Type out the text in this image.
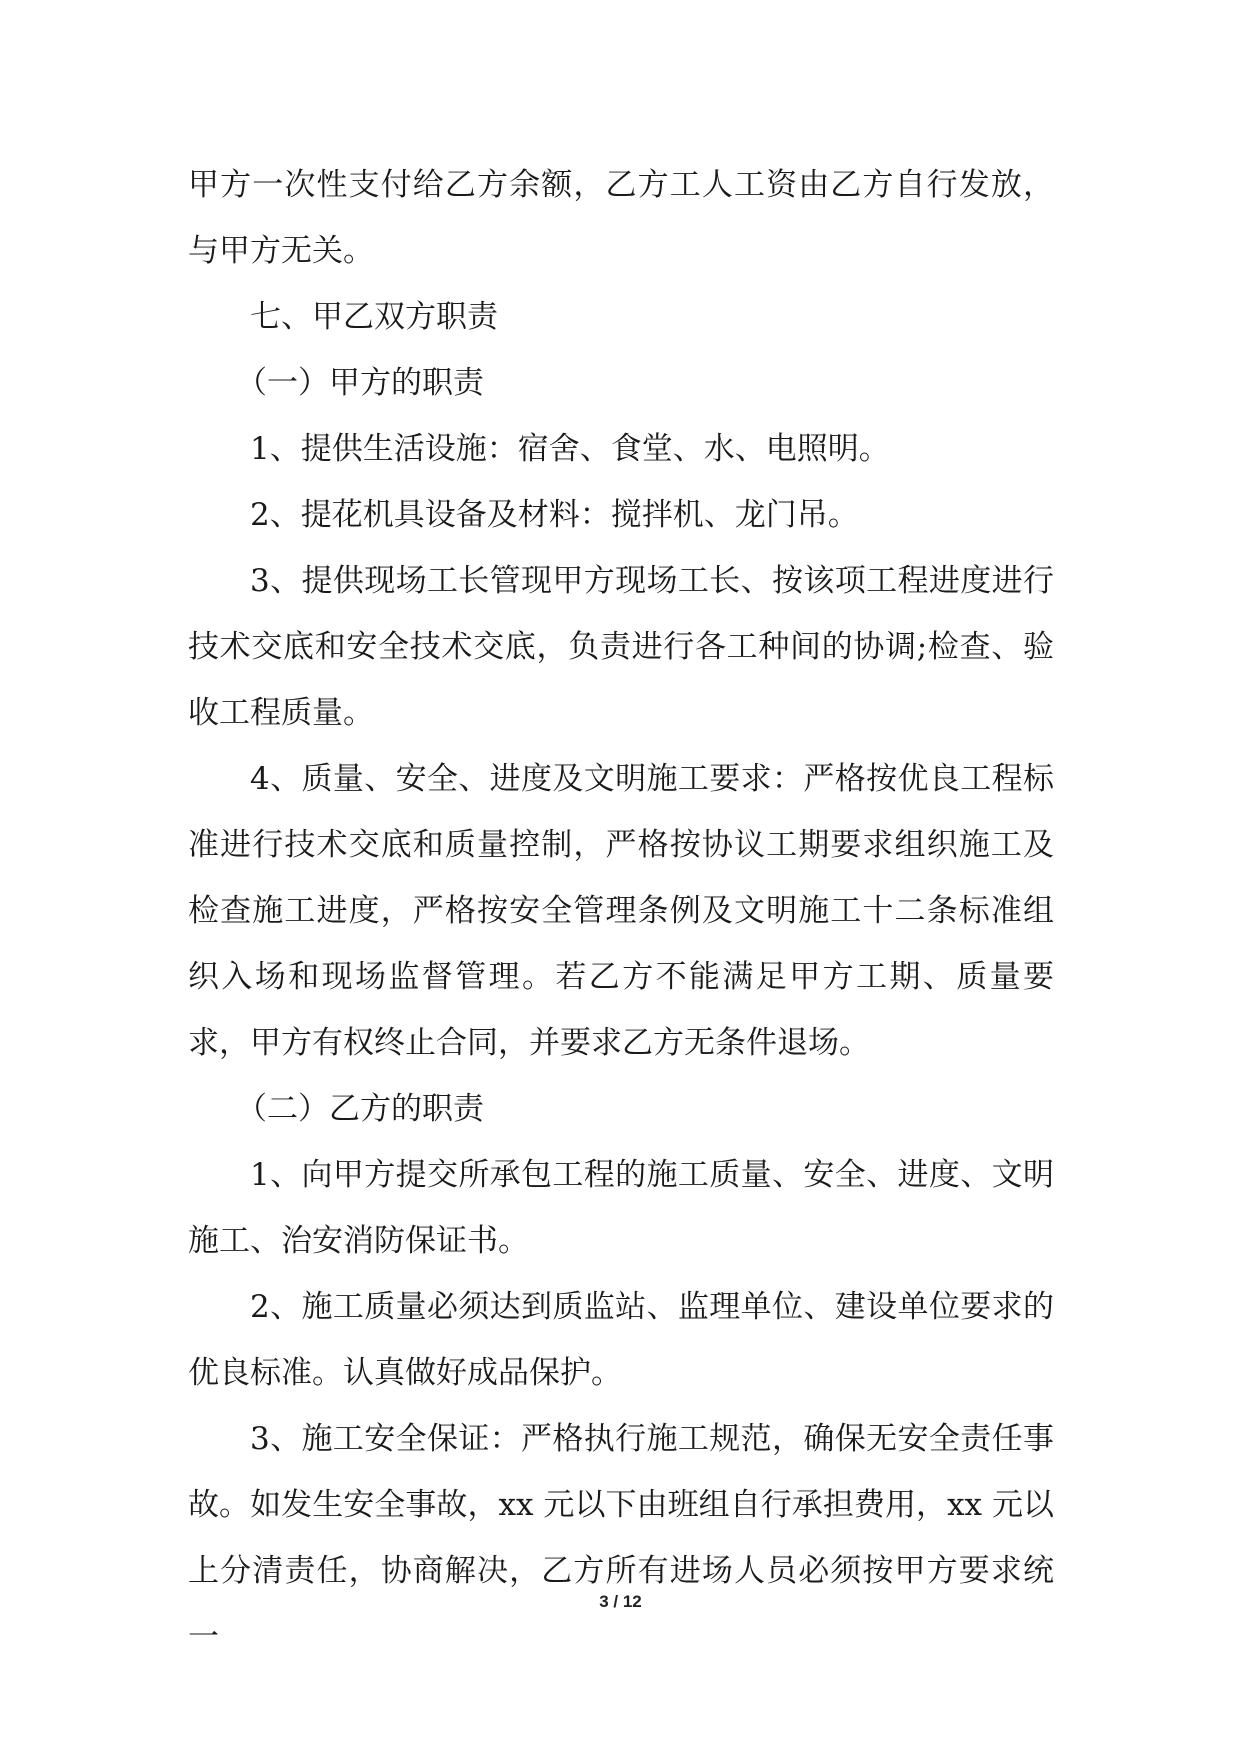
甲方一次性支付给乙方余额，乙方工人工资由乙方自行发放，与甲方无关。

七、甲乙双方职责

（一）甲方的职责

1、提供生活设施：宿舍、食堂、水、电照明。

2、提花机具设备及材料：搅拌机、龙门吊。

3、提供现场工长管现甲方现场工长、按该项工程进度进行技术交底和安全技术交底，负责进行各工种间的协调;检查、验收工程质量。

4、质量、安全、进度及文明施工要求：严格按优良工程标准进行技术交底和质量控制，严格按协议工期要求组织施工及检查施工进度，严格按安全管理条例及文明施工十二条标准组织入场和现场监督管理。若乙方不能满足甲方工期、质量要求，甲方有权终止合同，并要求乙方无条件退场。

（二）乙方的职责

1、向甲方提交所承包工程的施工质量、安全、进度、文明施工、治安消防保证书。

2、施工质量必须达到质监站、监理单位、建设单位要求的优良标准。认真做好成品保护。

3、施工安全保证：严格执行施工规范，确保无安全责任事故。如发生安全事故，xx 元以下由班组自行承担费用，xx 元以上分清责任，协商解决，乙方所有进场人员必须按甲方要求统一

3 / 12
